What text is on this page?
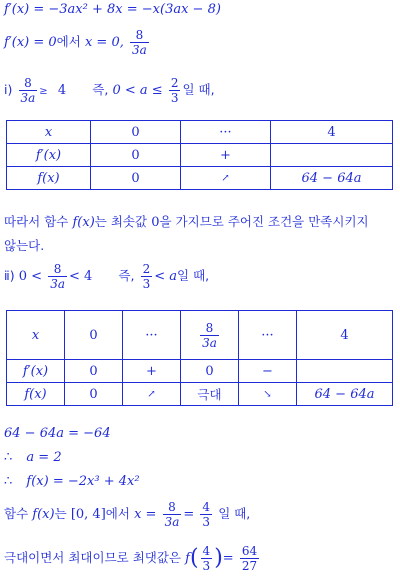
f′(x) = −3ax² + 8x = −x(3ax − 8)
f′(x) = 0에서 x = 0, $\frac{8}{3a}$
ⅰ) $\frac{8}{3a} \ge 4$ 즉, $0 < a \le \frac{2}{3}$ 일 때,
x	0	···	4
f′(x)	0	+	
f(x)	0	↗	64 − 64a
따라서 함수 f(x)는 최솟값 0을 가지므로 주어진 조건을 만족시키지
않는다.
ⅱ) $0 < \frac{8}{3a} < 4$ 즉, $\frac{2}{3} < a$일 때,
x	0	···	$\frac{8}{3a}$	···	4
f′(x)	0	+	0	−	
f(x)	0	↗	극대	↘	64 − 64a
64 − 64a = −64
∴ a = 2
∴ f(x) = −2x³ + 4x²
함수 f(x)는 [0, 4]에서 $x = \frac{8}{3a} = \frac{4}{3}$ 일 때,
극대이면서 최대이므로 최댓값은 $f( \frac{4}{3}$ )= $\frac{64}{27}$
